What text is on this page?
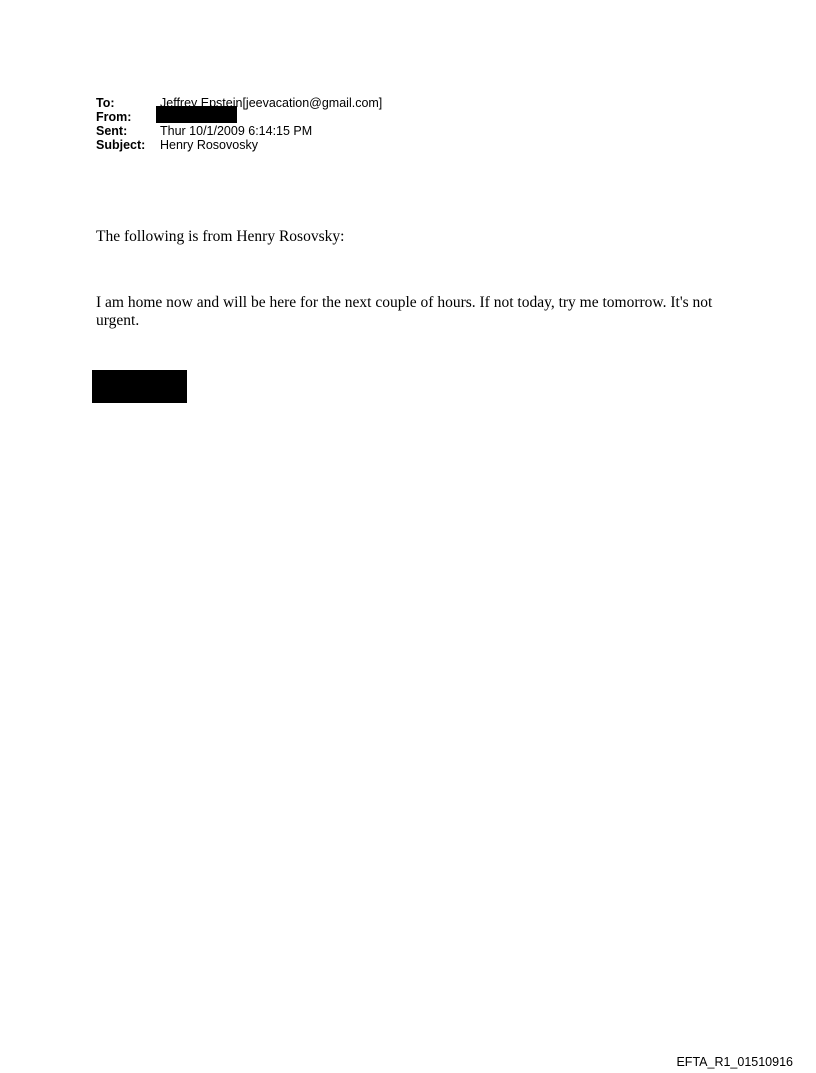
To:	Jeffrey Epstein[jeevacation@gmail.com]
From:
Sent:	Thur 10/1/2009 6:14:15 PM
Subject:	Henry Rosovosky
The following is from Henry Rosovsky:
I am home now and will be here for the next couple of hours. If not today, try me tomorrow. It's not urgent.
EFTA_R1_01510916
